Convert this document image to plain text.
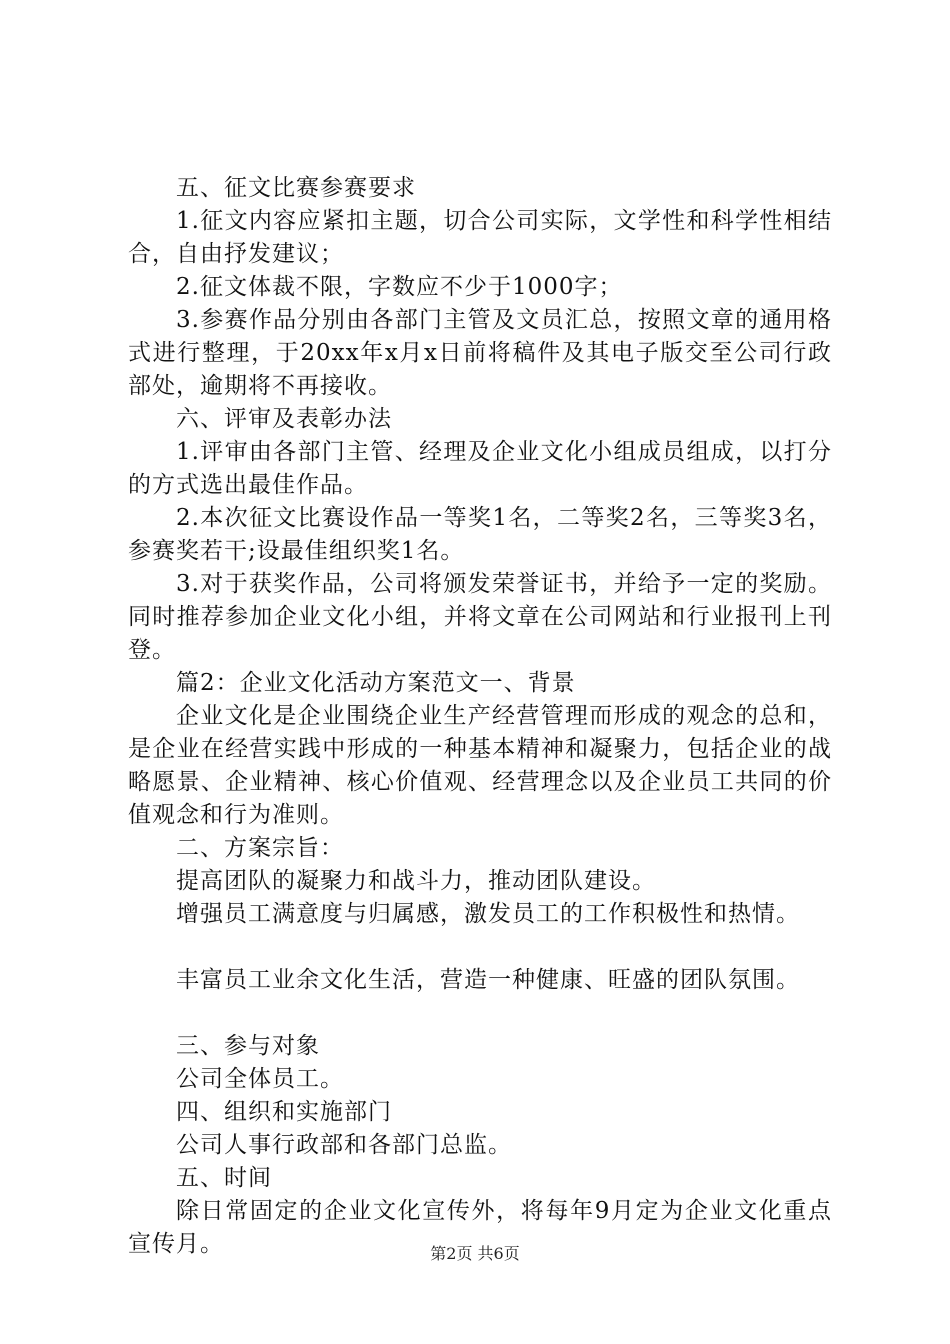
五、征文比赛参赛要求

1.征文内容应紧扣主题，切合公司实际，文学性和科学性相结合，自由抒发建议；

2.征文体裁不限，字数应不少于1000字；

3.参赛作品分别由各部门主管及文员汇总，按照文章的通用格式进行整理，于20xx年x月x日前将稿件及其电子版交至公司行政部处，逾期将不再接收。

六、评审及表彰办法

1.评审由各部门主管、经理及企业文化小组成员组成，以打分的方式选出最佳作品。

2.本次征文比赛设作品一等奖1名，二等奖2名，三等奖3名，参赛奖若干;设最佳组织奖1名。

3.对于获奖作品，公司将颁发荣誉证书，并给予一定的奖励。同时推荐参加企业文化小组，并将文章在公司网站和行业报刊上刊登。

篇2：企业文化活动方案范文一、背景

企业文化是企业围绕企业生产经营管理而形成的观念的总和，是企业在经营实践中形成的一种基本精神和凝聚力，包括企业的战略愿景、企业精神、核心价值观、经营理念以及企业员工共同的价值观念和行为准则。

二、方案宗旨：

提高团队的凝聚力和战斗力，推动团队建设。

增强员工满意度与归属感，激发员工的工作积极性和热情。

丰富员工业余文化生活，营造一种健康、旺盛的团队氛围。

三、参与对象

公司全体员工。

四、组织和实施部门

公司人事行政部和各部门总监。

五、时间

除日常固定的企业文化宣传外，将每年9月定为企业文化重点宣传月。	第2页 共6页
